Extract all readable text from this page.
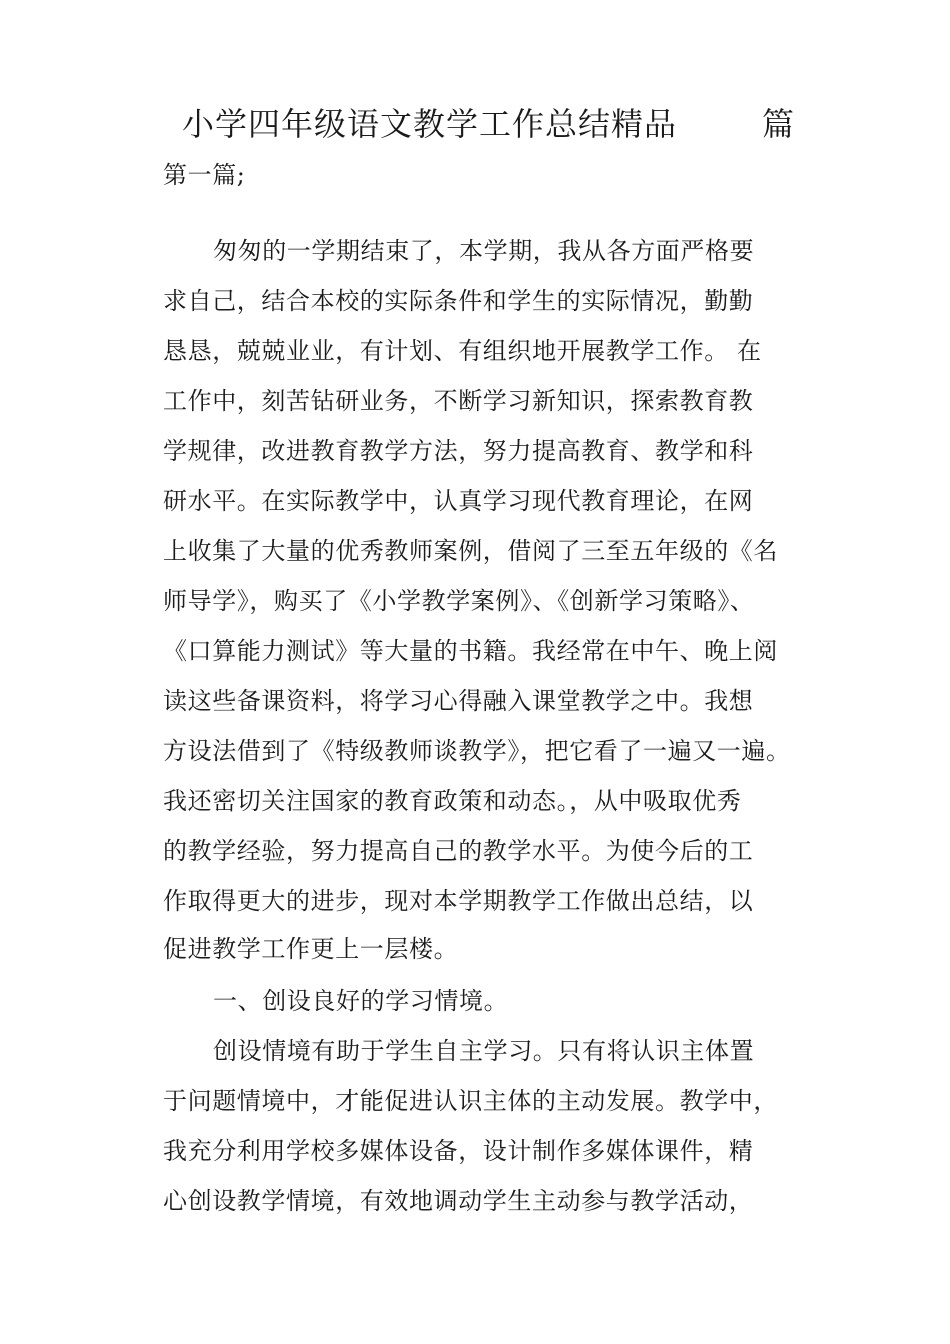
小学四年级语文教学工作总结精品	篇
第一篇;
匆匆的一学期结束了，本学期，我从各方面严格要
求自己，结合本校的实际条件和学生的实际情况，勤勤
恳恳，兢兢业业，有计划、有组织地开展教学工作。 在
工作中，刻苦钻研业务，不断学习新知识，探索教育教
学规律，改进教育教学方法，努力提高教育、教学和科
研水平。在实际教学中，认真学习现代教育理论，在网
上收集了大量的优秀教师案例，借阅了三至五年级的《名
师导学》，购买了《小学教学案例》、《创新学习策略》、
《口算能力测试》等大量的书籍。我经常在中午、晚上阅
读这些备课资料，将学习心得融入课堂教学之中。我想
方设法借到了《特级教师谈教学》，把它看了一遍又一遍。
我还密切关注国家的教育政策和动态。，从中吸取优秀
的教学经验，努力提高自己的教学水平。为使今后的工
作取得更大的进步，现对本学期教学工作做出总结，以
促进教学工作更上一层楼。
一、创设良好的学习情境。
创设情境有助于学生自主学习。只有将认识主体置
于问题情境中，才能促进认识主体的主动发展。教学中，
我充分利用学校多媒体设备，设计制作多媒体课件，精
心创设教学情境，有效地调动学生主动参与教学活动，
